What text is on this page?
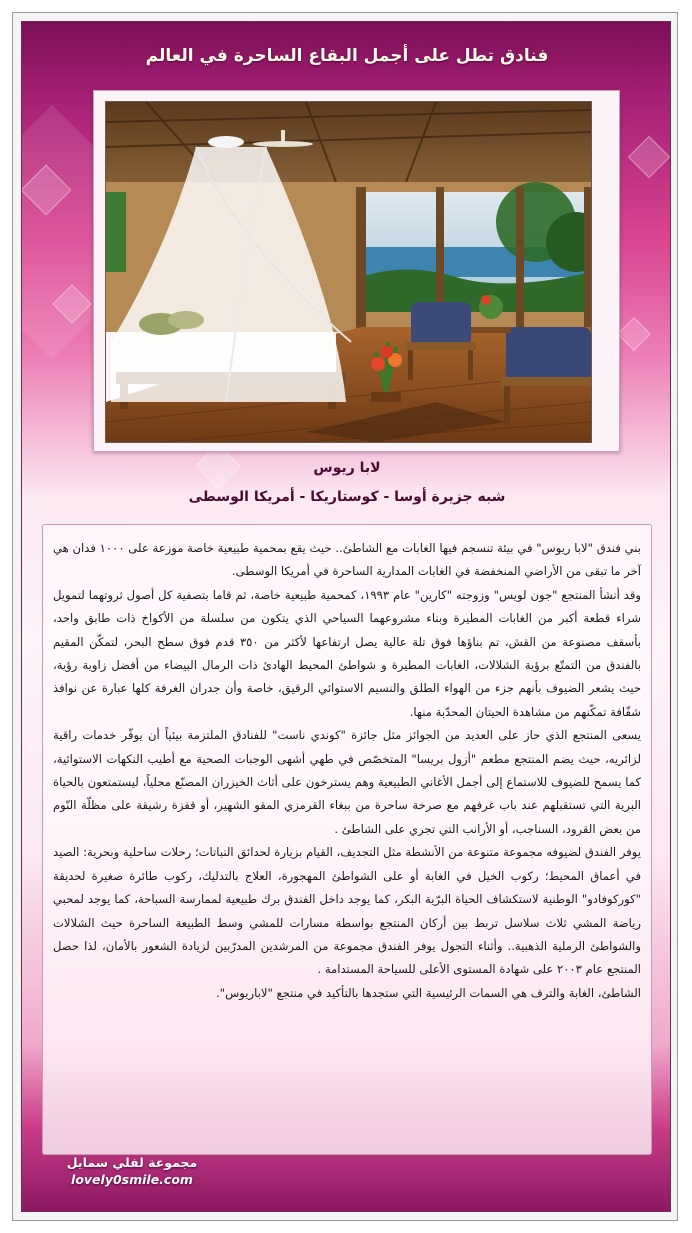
فنادق تطل على أجمل البقاع الساحرة في العالم
لابا ريوس
شبه جزيرة أوسا - كوستاريكا - أمريكا الوسطى

بني فندق "لابا ريوس" في بيئة تنسجم فيها الغابات مع الشاطئ.. حيث يقع بمحمية طبيعية خاصة موزعة على ١٠٠٠ فدان هي آخر ما تبقى من الأراضي المنخفضة في الغابات المدارية الساحرة في أمريكا الوسطى.

وقد أنشأ المنتجع "جون لويس" وزوجته "كارين" عام ١٩٩٣، كمحمية طبيعية خاصة، ثم قاما بتصفية كل أصول ثروتهما لتمويل شراء قطعة أكبر من الغابات المطيرة وبناء مشروعهما السياحي الذي يتكون من سلسلة من الأكواخ ذات طابق واحد، بأسقف مصنوعة من القش، تم بناؤها فوق تلة عالية يصل ارتفاعها لأكثر من ٣٥٠ قدم فوق سطح البحر، لتمكّن المقيم بالفندق من التمتّع برؤية الشلالات، الغابات المطيرة و شواطئ المحيط الهادئ ذات الرمال البيضاء من أفضل زاوية رؤية، حيث يشعر الضيوف بأنهم جزء من الهواء الطلق والنسيم الاستوائي الرقيق، خاصة وأن جدران الغرفة كلها عبارة عن نوافذ شفّافة تمكّنهم من مشاهدة الحيتان المحدّبة منها.

يسعى المنتجع الذي حاز على العديد من الجوائز مثل جائزة "كوندي ناست" للفنادق الملتزمة بيئياً أن يوفّر خدمات راقية لزائريه، حيث يضم المنتجع مطعم "أزول بريسا" المتخصّص في طهي أشهى الوجبات الصحية مع أطيب النكهات الاستوائية، كما يسمح للضيوف للاستماع إلى أجمل الأغاني الطبيعية وهم يسترخون على أثاث الخيزران المصنّع محلياً، ليستمتعون بالحياة البرية التي تستقبلهم عند باب غرفهم مع صرخة ساحرة من ببغاء القرمزي المقو الشهير، أو قفزة رشيقة على مظلّة النّوم من بعض القرود، السناجب، أو الأرانب التي تجري على الشاطئ .

يوفر الفندق لضيوفه مجموعة متنوعة من الأنشطة مثل التجديف، القيام بزيارة لحدائق النباتات؛ رحلات ساحلية وبحرية: الصيد في أعماق المحيط؛ ركوب الخيل في الغابة أو على الشواطئ المهجورة، العلاج بالتدليك، ركوب طائرة صغيرة لحديقة "كوركوفادو" الوطنية لاستكشاف الحياة البرّية البكر، كما يوجد داخل الفندق برك طبيعية لممارسة السباحة، كما يوجد لمحبي رياضة المشي ثلاث سلاسل تربط بين أركان المنتجع بواسطة مسارات للمشي وسط الطبيعة الساحرة حيث الشلالات والشواطئ الرملية الذهبية.. وأثناء التجول يوفر الفندق مجموعة من المرشدين المدرّبين لزيادة الشعور بالأمان، لذا حصل المنتجع عام ٢٠٠٣ على شهادة المستوى الأعلى للسياحة المستدامة .

الشاطئ، الغابة والترف هي السمات الرئيسية التي ستجدها بالتأكيد في منتجع "لاباريوس".

مجموعة لفلي سمايل
lovely0smile.com
